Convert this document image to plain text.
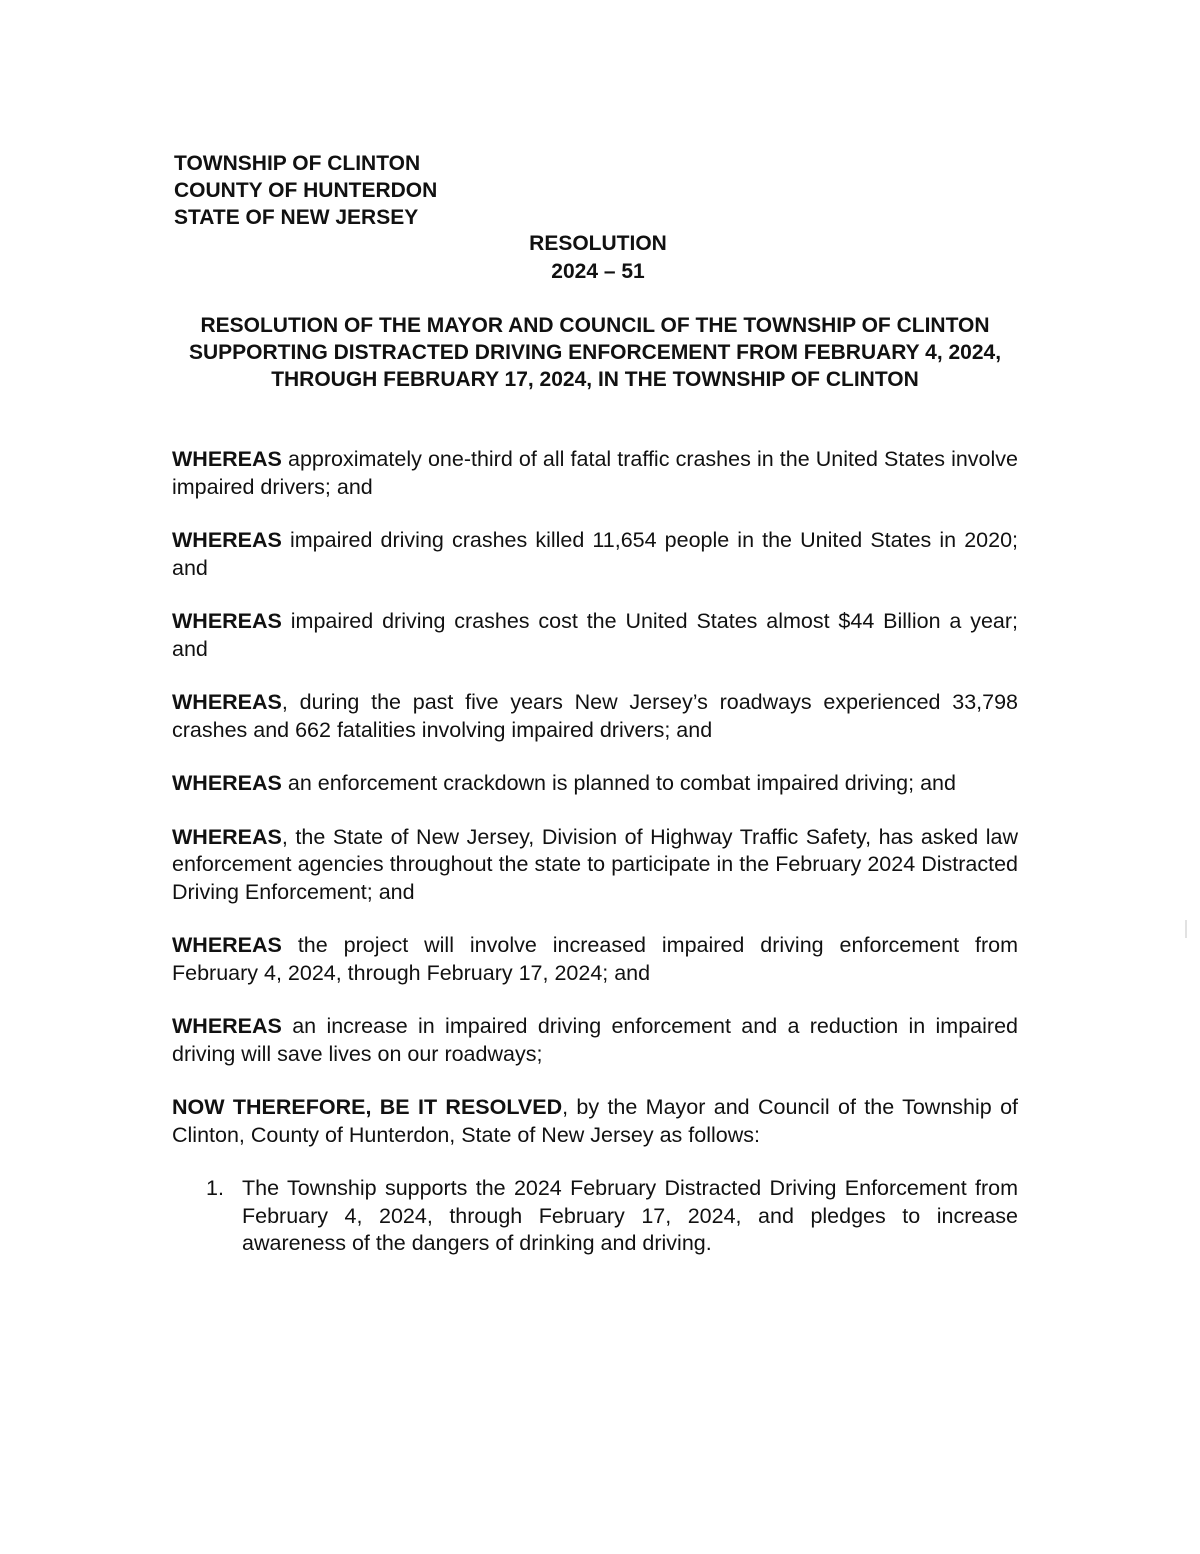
TOWNSHIP OF CLINTON
COUNTY OF HUNTERDON
STATE OF NEW JERSEY
RESOLUTION
2024 – 51
RESOLUTION OF THE MAYOR AND COUNCIL OF THE TOWNSHIP OF CLINTON SUPPORTING DISTRACTED DRIVING ENFORCEMENT FROM FEBRUARY 4, 2024, THROUGH FEBRUARY 17, 2024, IN THE TOWNSHIP OF CLINTON

WHEREAS approximately one-third of all fatal traffic crashes in the United States involve impaired drivers; and

WHEREAS impaired driving crashes killed 11,654 people in the United States in 2020; and

WHEREAS impaired driving crashes cost the United States almost $44 Billion a year; and

WHEREAS, during the past five years New Jersey’s roadways experienced 33,798 crashes and 662 fatalities involving impaired drivers; and

WHEREAS an enforcement crackdown is planned to combat impaired driving; and

WHEREAS, the State of New Jersey, Division of Highway Traffic Safety, has asked law enforcement agencies throughout the state to participate in the February 2024 Distracted Driving Enforcement; and

WHEREAS the project will involve increased impaired driving enforcement from February 4, 2024, through February 17, 2024; and

WHEREAS an increase in impaired driving enforcement and a reduction in impaired driving will save lives on our roadways;

NOW THEREFORE, BE IT RESOLVED, by the Mayor and Council of the Township of Clinton, County of Hunterdon, State of New Jersey as follows:

1. The Township supports the 2024 February Distracted Driving Enforcement from February 4, 2024, through February 17, 2024, and pledges to increase awareness of the dangers of drinking and driving.
